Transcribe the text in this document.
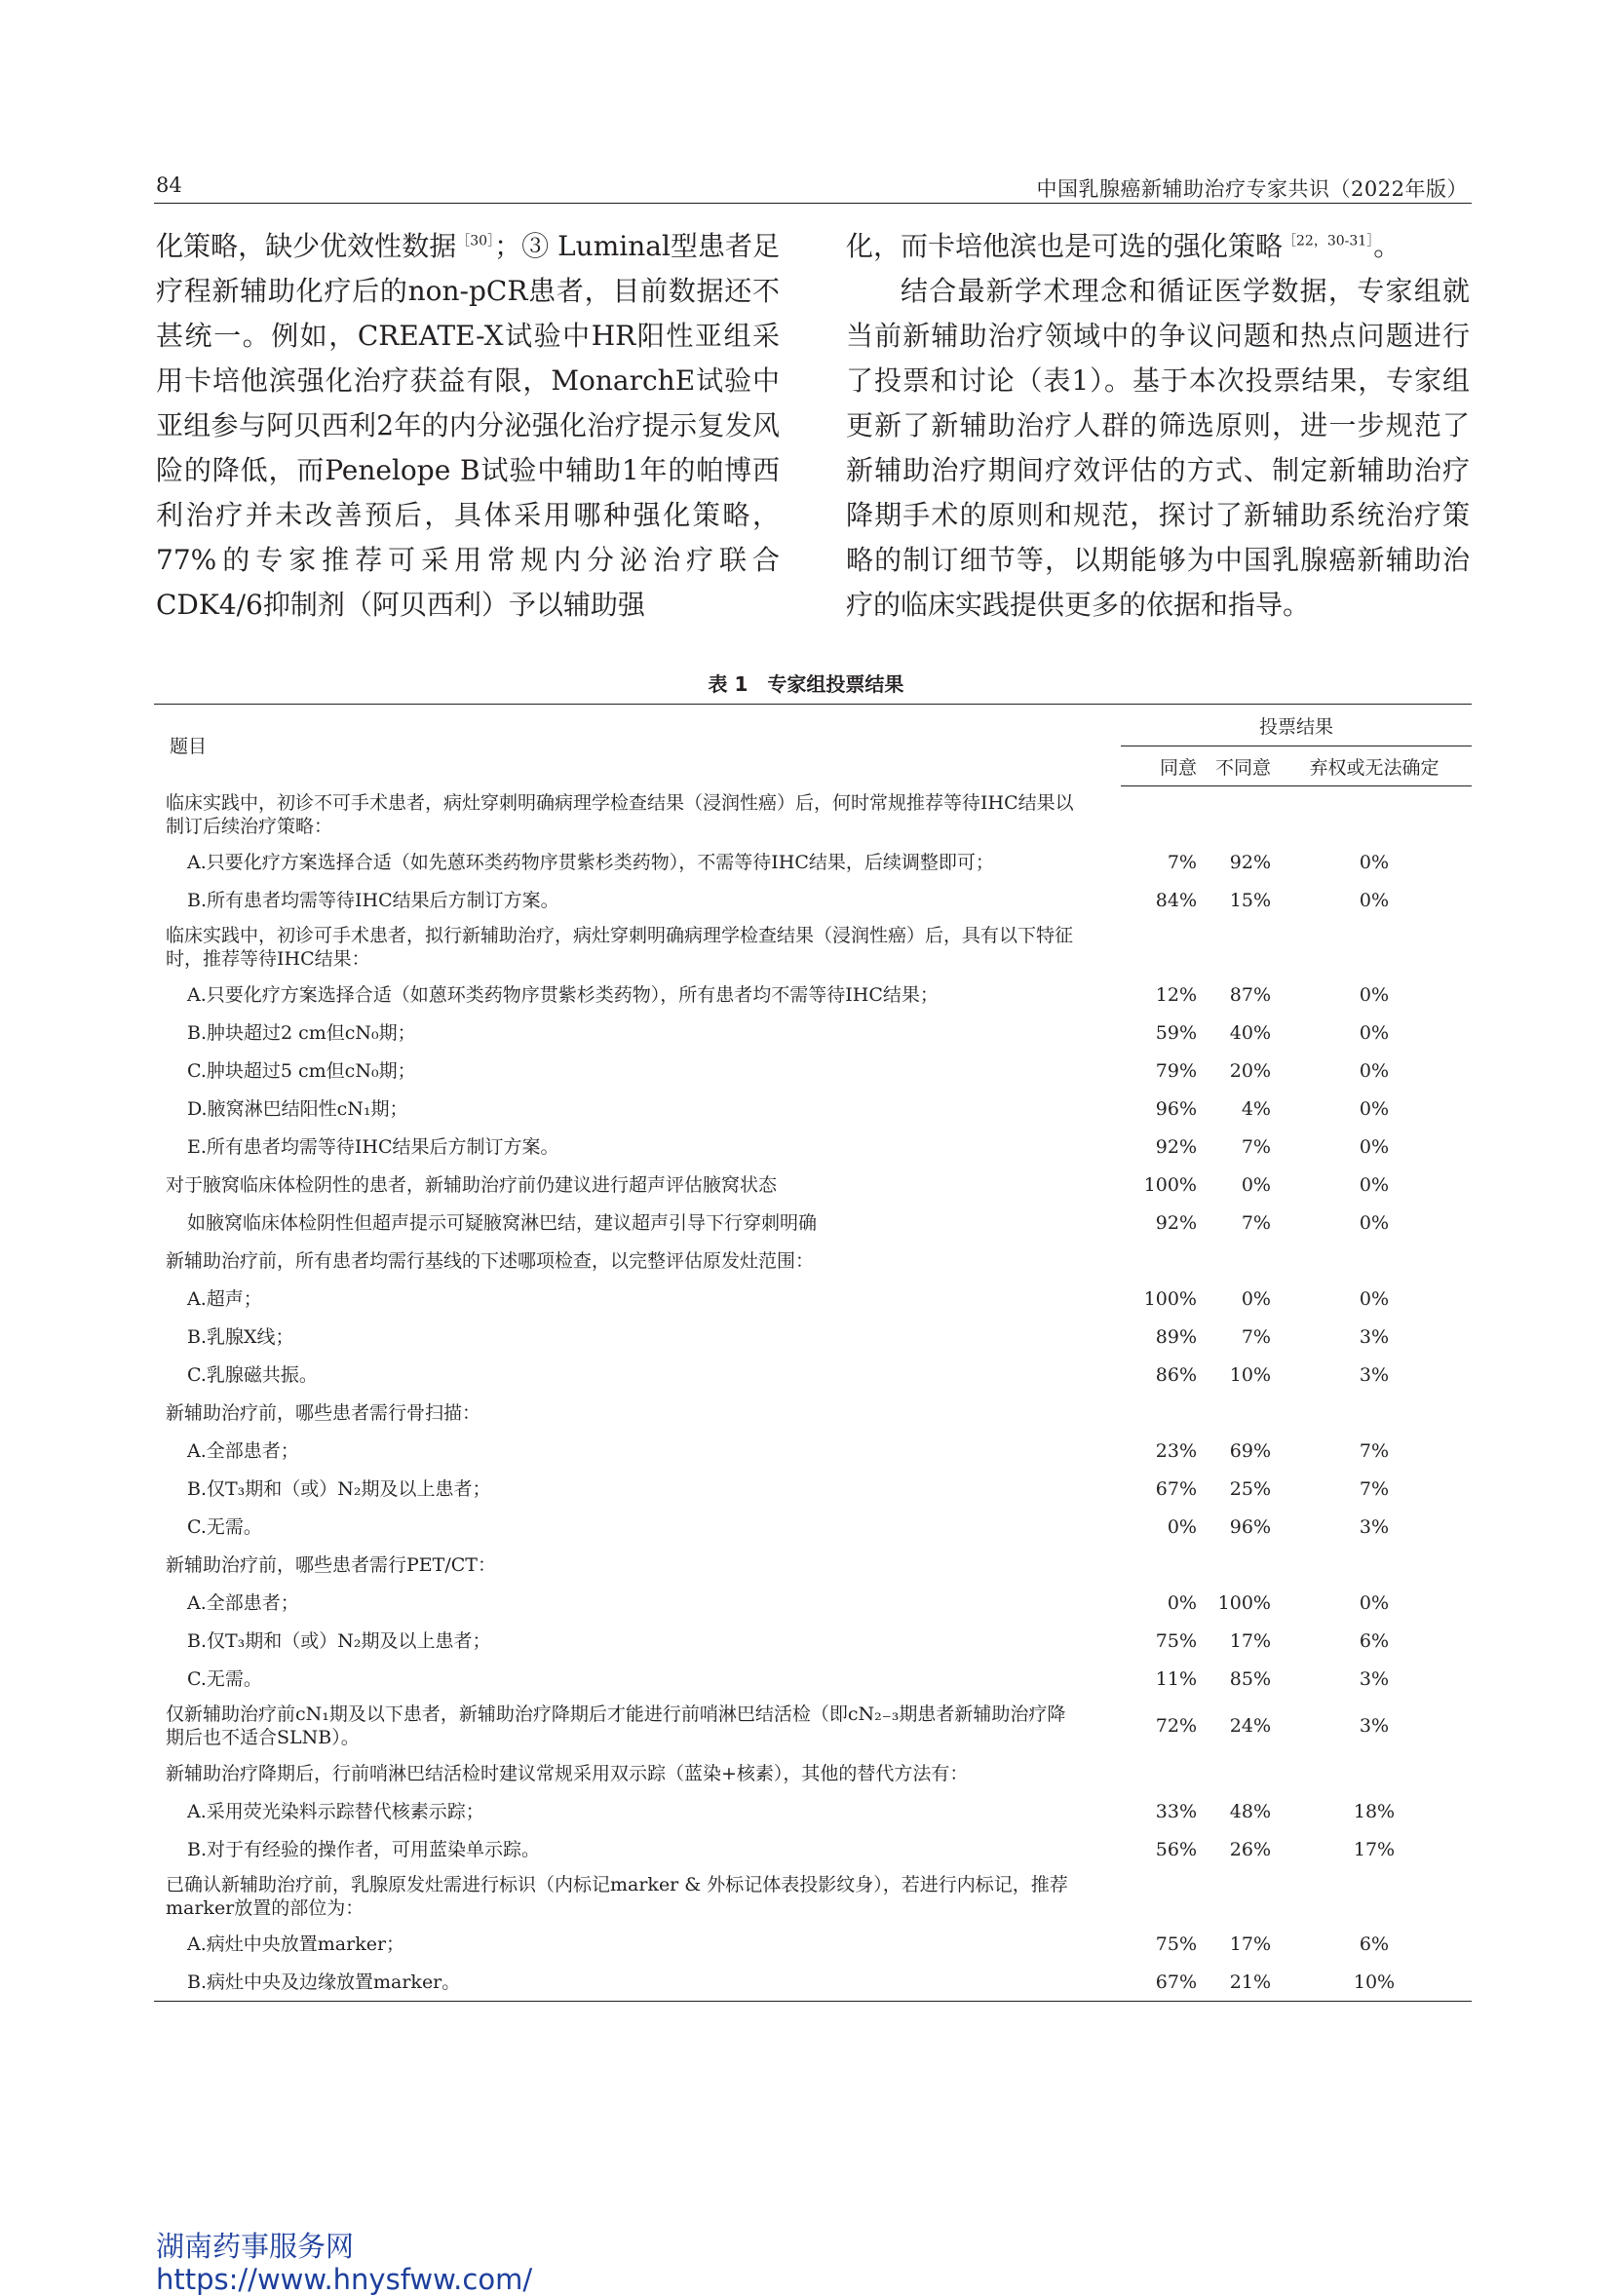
84	中国乳腺癌新辅助治疗专家共识（2022年版）

化策略，缺少优效性数据$^{[30]}$；③ Luminal型患者足疗程新辅助化疗后的non-pCR患者，目前数据还不甚统一。例如，CREATE-X试验中HR阳性亚组采用卡培他滨强化治疗获益有限，MonarchE试验中亚组参与阿贝西利2年的内分泌强化治疗提示复发风险的降低，而Penelope B试验中辅助1年的帕博西利治疗并未改善预后，具体采用哪种强化策略，77%的专家推荐可采用常规内分泌治疗联合CDK4/6抑制剂（阿贝西利）予以辅助强

化，而卡培他滨也是可选的强化策略$^{[22,30-31]}$。

结合最新学术理念和循证医学数据，专家组就当前新辅助治疗领域中的争议问题和热点问题进行了投票和讨论（表1）。基于本次投票结果，专家组更新了新辅助治疗人群的筛选原则，进一步规范了新辅助治疗期间疗效评估的方式、制定新辅助治疗降期手术的原则和规范，探讨了新辅助系统治疗策略的制订细节等，以期能够为中国乳腺癌新辅助治疗的临床实践提供更多的依据和指导。

表 1　专家组投票结果
题目	投票结果		
	同意	不同意	弃权或无法确定
临床实践中，初诊不可手术患者，病灶穿刺明确病理学检查结果（浸润性癌）后，何时常规推荐等待IHC结果以制订后续治疗策略：			
A.只要化疗方案选择合适（如先蒽环类药物序贯紫杉类药物），不需等待IHC结果，后续调整即可；	7%	92%	0%
B.所有患者均需等待IHC结果后方制订方案。	84%	15%	0%
临床实践中，初诊可手术患者，拟行新辅助治疗，病灶穿刺明确病理学检查结果（浸润性癌）后，具有以下特征时，推荐等待IHC结果：			
A.只要化疗方案选择合适（如蒽环类药物序贯紫杉类药物），所有患者均不需等待IHC结果；	12%	87%	0%
B.肿块超过2 cm但cN₀期；	59%	40%	0%
C.肿块超过5 cm但cN₀期；	79%	20%	0%
D.腋窝淋巴结阳性cN₁期；	96%	4%	0%
E.所有患者均需等待IHC结果后方制订方案。	92%	7%	0%
对于腋窝临床体检阴性的患者，新辅助治疗前仍建议进行超声评估腋窝状态	100%	0%	0%
如腋窝临床体检阴性但超声提示可疑腋窝淋巴结，建议超声引导下行穿刺明确	92%	7%	0%
新辅助治疗前，所有患者均需行基线的下述哪项检查，以完整评估原发灶范围：			
A.超声；	100%	0%	0%
B.乳腺X线；	89%	7%	3%
C.乳腺磁共振。	86%	10%	3%
新辅助治疗前，哪些患者需行骨扫描：			
A.全部患者；	23%	69%	7%
B.仅T₃期和（或）N₂期及以上患者；	67%	25%	7%
C.无需。	0%	96%	3%
新辅助治疗前，哪些患者需行PET/CT：			
A.全部患者；	0%	100%	0%
B.仅T₃期和（或）N₂期及以上患者；	75%	17%	6%
C.无需。	11%	85%	3%
仅新辅助治疗前cN₁期及以下患者，新辅助治疗降期后才能进行前哨淋巴结活检（即cN₂₋₃期患者新辅助治疗降期后也不适合SLNB）。	72%	24%	3%
新辅助治疗降期后，行前哨淋巴结活检时建议常规采用双示踪（蓝染+核素），其他的替代方法有：			
A.采用荧光染料示踪替代核素示踪；	33%	48%	18%
B.对于有经验的操作者，可用蓝染单示踪。	56%	26%	17%
已确认新辅助治疗前，乳腺原发灶需进行标识（内标记marker & 外标记体表投影纹身），若进行内标记，推荐marker放置的部位为：			
A.病灶中央放置marker；	75%	17%	6%
B.病灶中央及边缘放置marker。	67%	21%	10%
湖南药事服务网
https://www.hnysfww.com/
